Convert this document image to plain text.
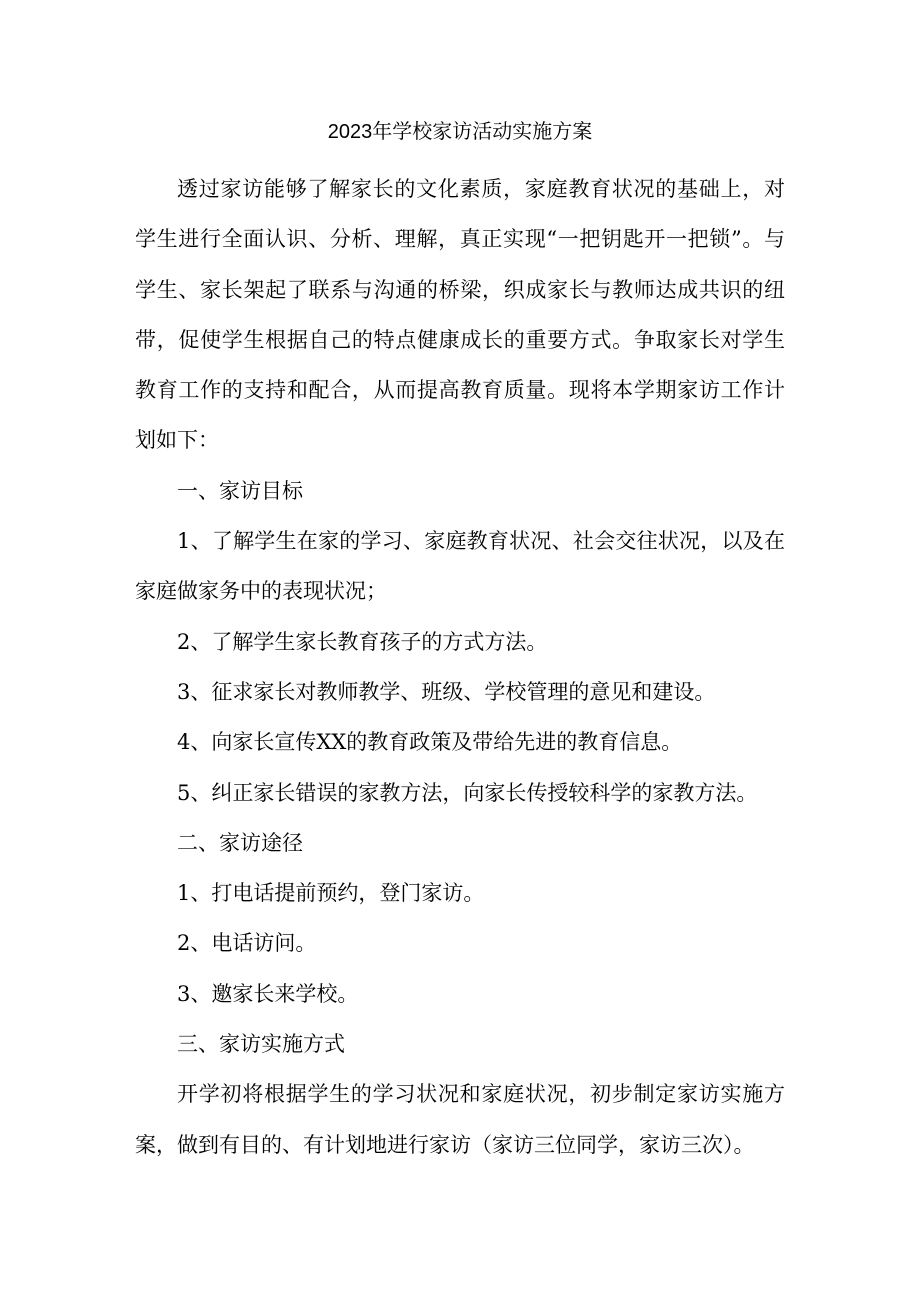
2023年学校家访活动实施方案

透过家访能够了解家长的文化素质，家庭教育状况的基础上，对学生进行全面认识、分析、理解，真正实现“一把钥匙开一把锁”。与学生、家长架起了联系与沟通的桥梁，织成家长与教师达成共识的纽带，促使学生根据自己的特点健康成长的重要方式。争取家长对学生教育工作的支持和配合，从而提高教育质量。现将本学期家访工作计划如下：

一、家访目标

1、了解学生在家的学习、家庭教育状况、社会交往状况，以及在家庭做家务中的表现状况；

2、了解学生家长教育孩子的方式方法。

3、征求家长对教师教学、班级、学校管理的意见和建设。

4、向家长宣传XX的教育政策及带给先进的教育信息。

5、纠正家长错误的家教方法，向家长传授较科学的家教方法。

二、家访途径

1、打电话提前预约，登门家访。

2、电话访问。

3、邀家长来学校。

三、家访实施方式

开学初将根据学生的学习状况和家庭状况，初步制定家访实施方案，做到有目的、有计划地进行家访（家访三位同学，家访三次）。
